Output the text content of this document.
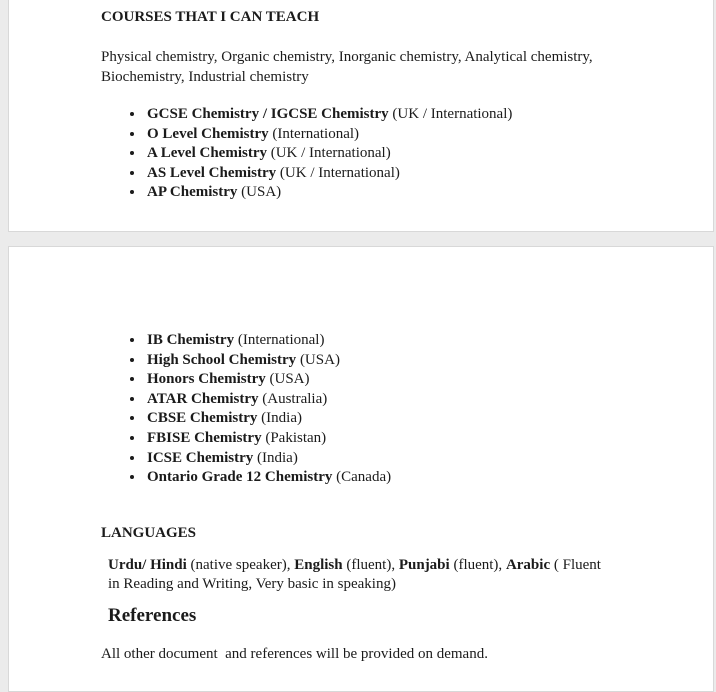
COURSES THAT I CAN TEACH

Physical chemistry, Organic chemistry, Inorganic chemistry, Analytical chemistry, Biochemistry, Industrial chemistry

• GCSE Chemistry / IGCSE Chemistry (UK / International)
• O Level Chemistry (International)
• A Level Chemistry (UK / International)
• AS Level Chemistry (UK / International)
• AP Chemistry (USA)
• IB Chemistry (International)
• High School Chemistry (USA)
• Honors Chemistry (USA)
• ATAR Chemistry (Australia)
• CBSE Chemistry (India)
• FBISE Chemistry (Pakistan)
• ICSE Chemistry (India)
• Ontario Grade 12 Chemistry (Canada)
LANGUAGES

Urdu/ Hindi (native speaker), English (fluent), Punjabi (fluent), Arabic ( Fluent in Reading and Writing, Very basic in speaking)

References

All other document  and references will be provided on demand.
